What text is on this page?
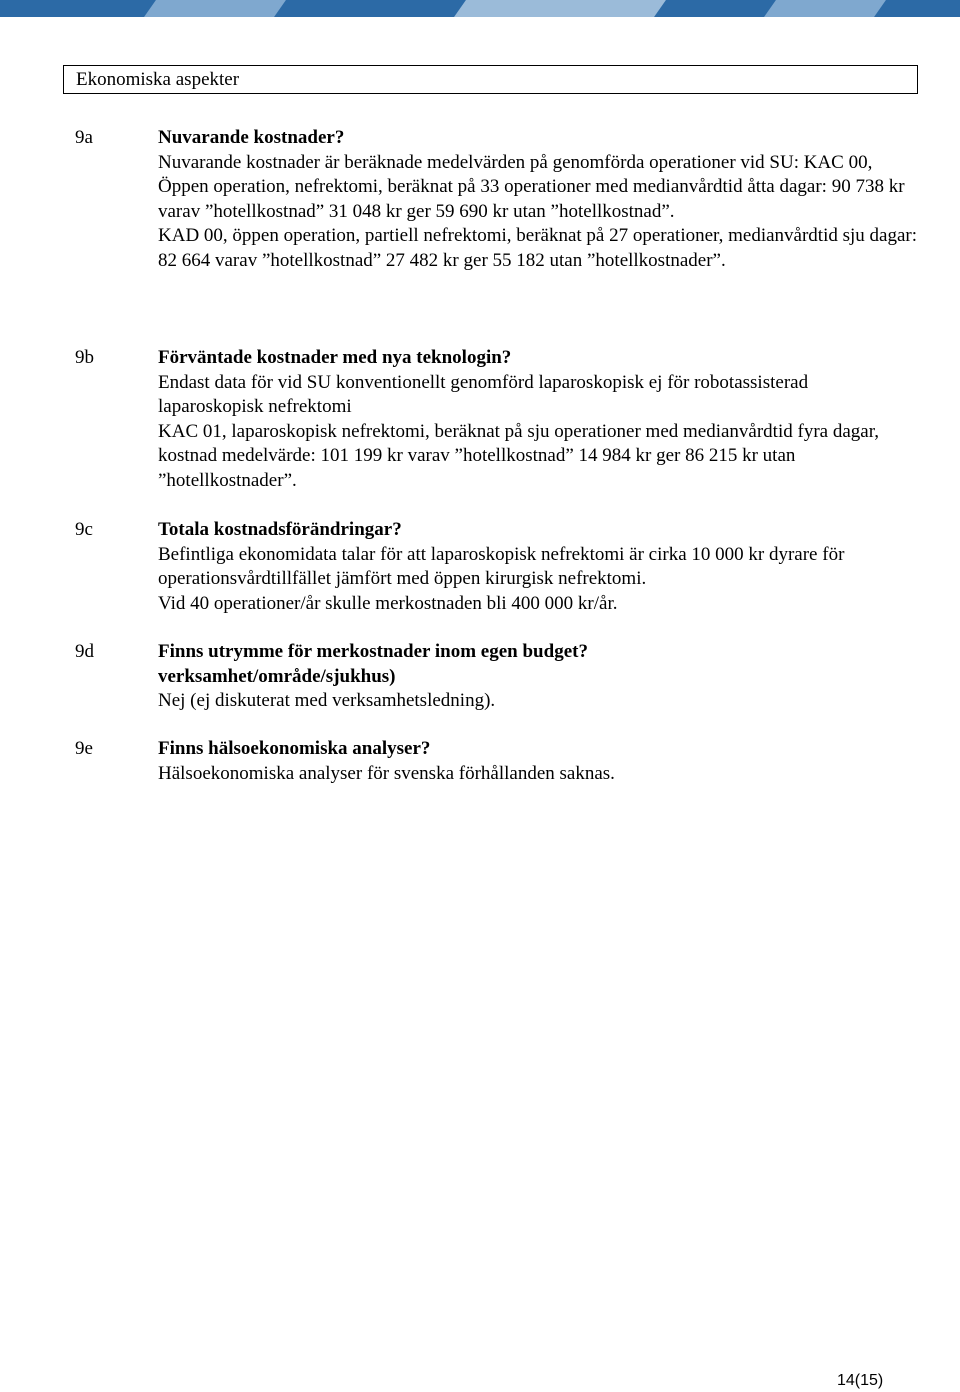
Ekonomiska aspekter
9a	Nuvarande kostnader?

Nuvarande kostnader är beräknade medelvärden på genomförda operationer vid SU: KAC 00, Öppen operation, nefrektomi, beräknat på 33 operationer med medianvårdtid åtta dagar: 90 738 kr varav ”hotellkostnad” 31 048 kr ger 59 690 kr utan ”hotellkostnad”.

KAD 00, öppen operation, partiell nefrektomi, beräknat på 27 operationer, medianvårdtid sju dagar: 82 664 varav ”hotellkostnad” 27 482 kr ger 55 182 utan ”hotellkostnader”.

9b	Förväntade kostnader med nya teknologin?

Endast data för vid SU konventionellt genomförd laparoskopisk ej för robotassisterad laparoskopisk nefrektomi

KAC 01, laparoskopisk nefrektomi, beräknat på sju operationer med medianvårdtid fyra dagar, kostnad medelvärde: 101 199 kr varav ”hotellkostnad” 14 984 kr ger 86 215 kr utan ”hotellkostnader”.

9c	Totala kostnadsförändringar?

Befintliga ekonomidata talar för att laparoskopisk nefrektomi är cirka 10 000 kr dyrare för operationsvårdtillfället jämfört med öppen kirurgisk nefrektomi.

Vid 40 operationer/år skulle merkostnaden bli 400 000 kr/år.

9d	Finns utrymme för merkostnader inom egen budget?

verksamhet/område/sjukhus)

Nej (ej diskuterat med verksamhetsledning).

9e	Finns hälsoekonomiska analyser?

Hälsoekonomiska analyser för svenska förhållanden saknas.

14(15)
